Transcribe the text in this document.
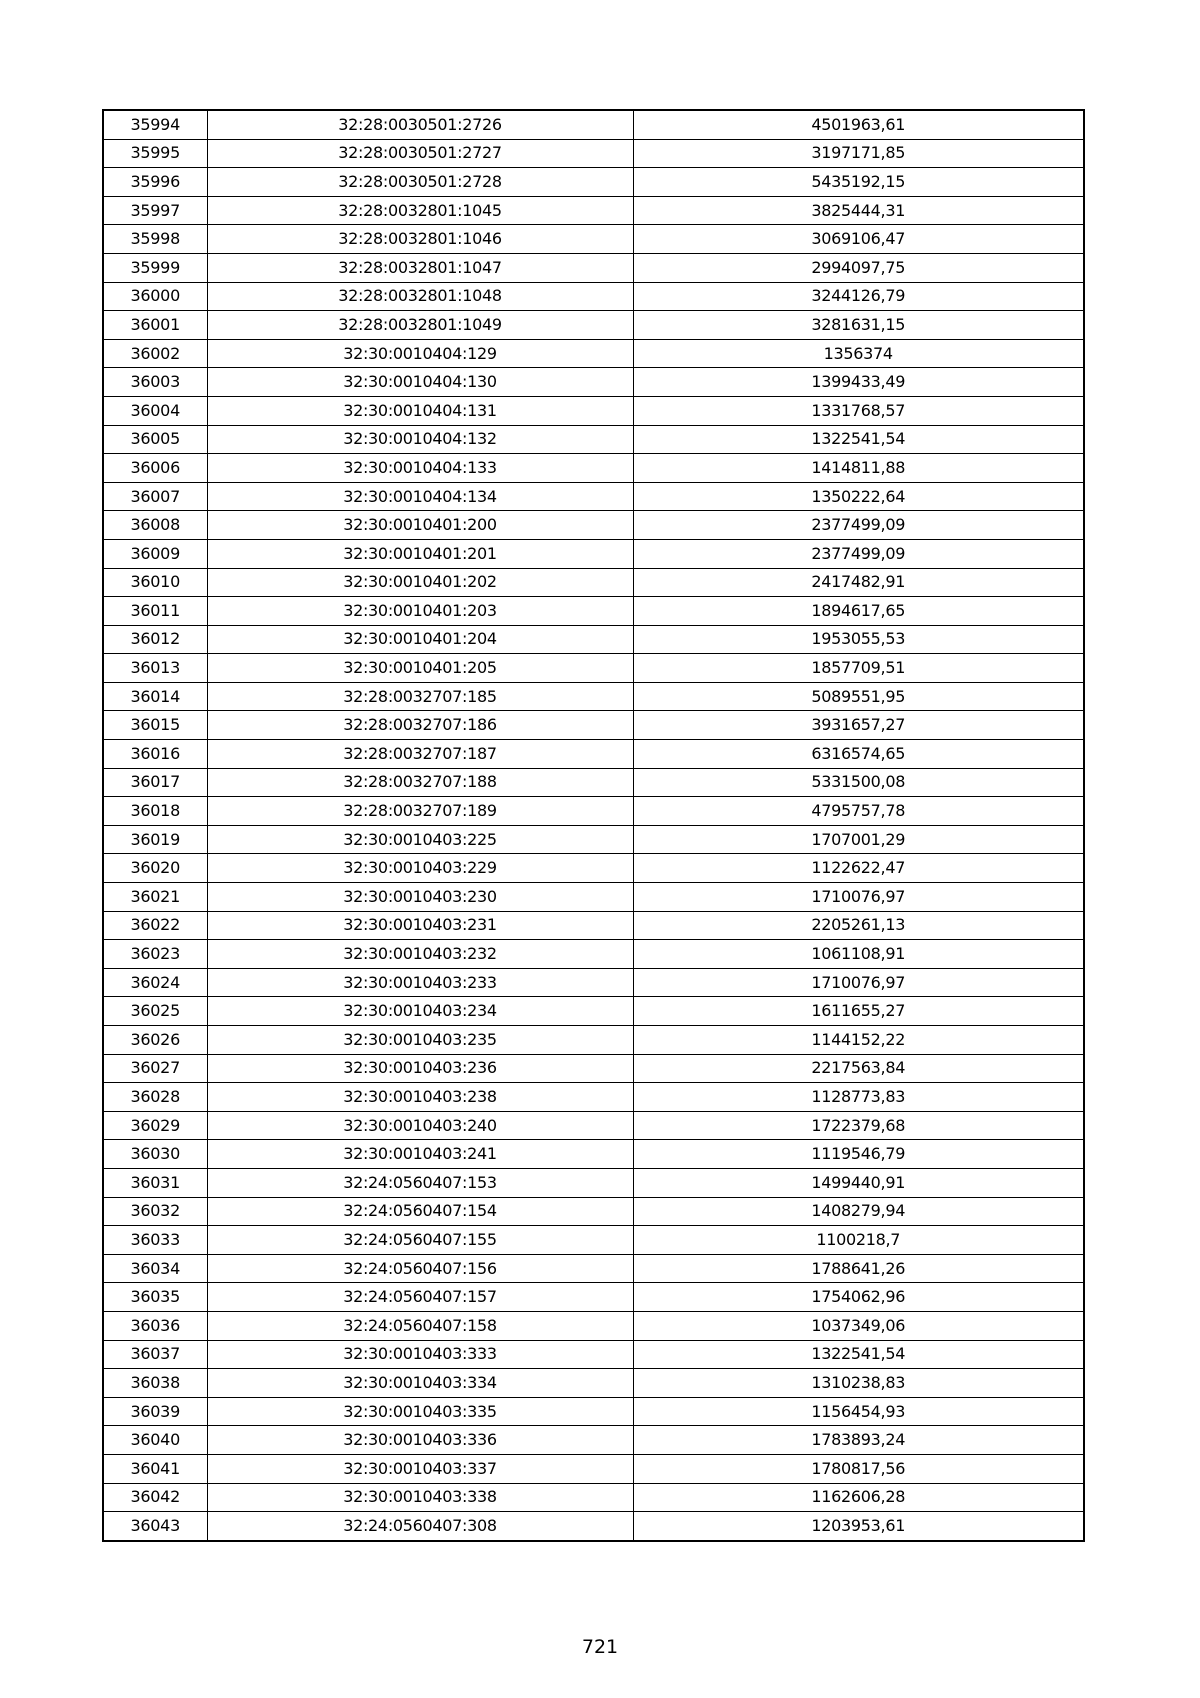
35994	32:28:0030501:2726	4501963,61
35995	32:28:0030501:2727	3197171,85
35996	32:28:0030501:2728	5435192,15
35997	32:28:0032801:1045	3825444,31
35998	32:28:0032801:1046	3069106,47
35999	32:28:0032801:1047	2994097,75
36000	32:28:0032801:1048	3244126,79
36001	32:28:0032801:1049	3281631,15
36002	32:30:0010404:129	1356374
36003	32:30:0010404:130	1399433,49
36004	32:30:0010404:131	1331768,57
36005	32:30:0010404:132	1322541,54
36006	32:30:0010404:133	1414811,88
36007	32:30:0010404:134	1350222,64
36008	32:30:0010401:200	2377499,09
36009	32:30:0010401:201	2377499,09
36010	32:30:0010401:202	2417482,91
36011	32:30:0010401:203	1894617,65
36012	32:30:0010401:204	1953055,53
36013	32:30:0010401:205	1857709,51
36014	32:28:0032707:185	5089551,95
36015	32:28:0032707:186	3931657,27
36016	32:28:0032707:187	6316574,65
36017	32:28:0032707:188	5331500,08
36018	32:28:0032707:189	4795757,78
36019	32:30:0010403:225	1707001,29
36020	32:30:0010403:229	1122622,47
36021	32:30:0010403:230	1710076,97
36022	32:30:0010403:231	2205261,13
36023	32:30:0010403:232	1061108,91
36024	32:30:0010403:233	1710076,97
36025	32:30:0010403:234	1611655,27
36026	32:30:0010403:235	1144152,22
36027	32:30:0010403:236	2217563,84
36028	32:30:0010403:238	1128773,83
36029	32:30:0010403:240	1722379,68
36030	32:30:0010403:241	1119546,79
36031	32:24:0560407:153	1499440,91
36032	32:24:0560407:154	1408279,94
36033	32:24:0560407:155	1100218,7
36034	32:24:0560407:156	1788641,26
36035	32:24:0560407:157	1754062,96
36036	32:24:0560407:158	1037349,06
36037	32:30:0010403:333	1322541,54
36038	32:30:0010403:334	1310238,83
36039	32:30:0010403:335	1156454,93
36040	32:30:0010403:336	1783893,24
36041	32:30:0010403:337	1780817,56
36042	32:30:0010403:338	1162606,28
36043	32:24:0560407:308	1203953,61
721
